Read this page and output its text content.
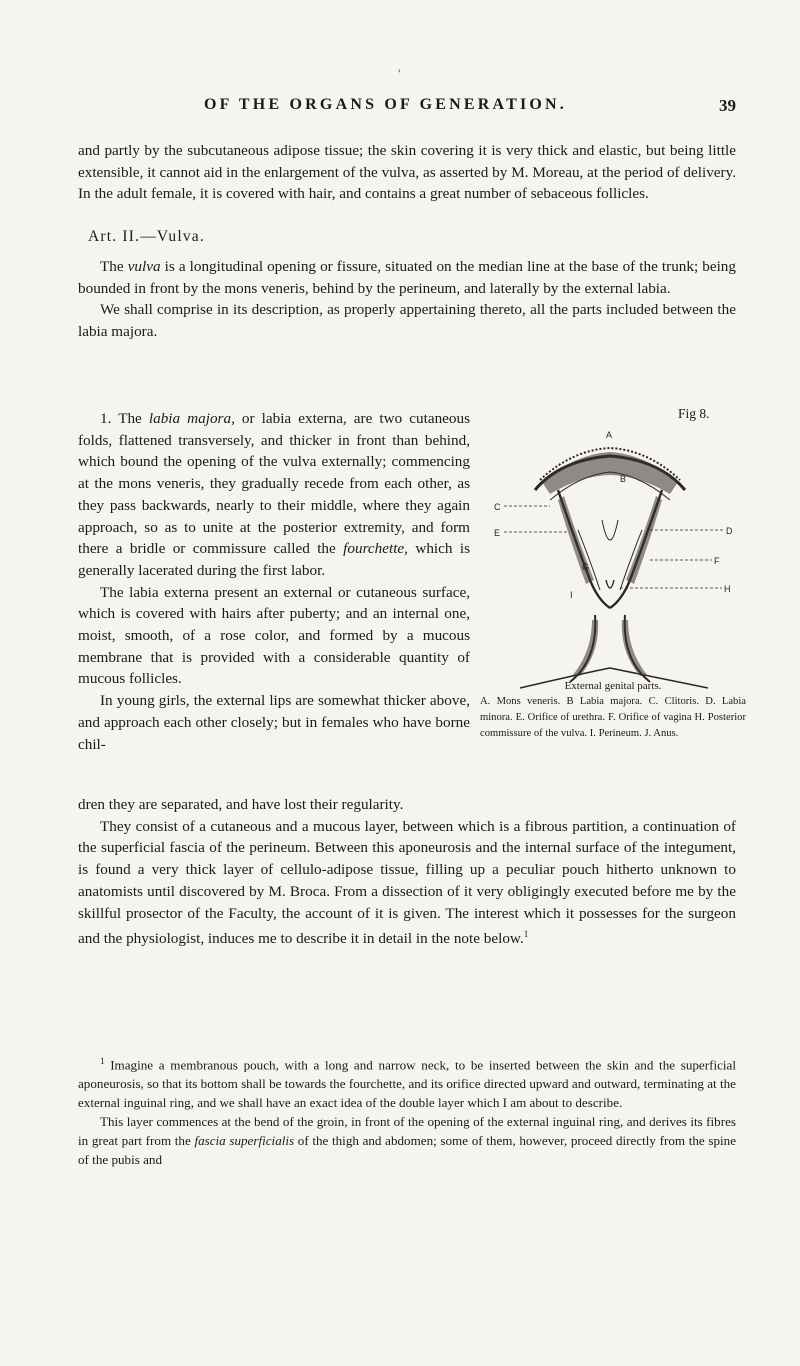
‹
OF THE ORGANS OF GENERATION.	39

and partly by the subcutaneous adipose tissue; the skin covering it is very thick and elastic, but being little extensible, it cannot aid in the enlargement of the vulva, as asserted by M. Moreau, at the period of delivery. In the adult female, it is covered with hair, and contains a great number of sebaceous follicles.

Art. II.—Vulva.

The vulva is a longitudinal opening or fissure, situated on the median line at the base of the trunk; being bounded in front by the mons veneris, behind by the perineum, and laterally by the external labia.

We shall comprise in its description, as properly appertaining thereto, all the parts included between the labia majora.

1. The labia majora, or labia externa, are two cutaneous folds, flattened transversely, and thicker in front than behind, which bound the opening of the vulva externally; commencing at the mons veneris, they gradually recede from each other, as they pass backwards, nearly to their middle, where they again approach, so as to unite at the posterior extremity, and form there a bridle or commissure called the fourchette, which is generally lacerated during the first labor.

The labia externa present an external or cutaneous surface, which is covered with hairs after puberty; and an internal one, moist, smooth, of a rose color, and formed by a mucous membrane that is provided with a considerable quantity of mucous follicles.

In young girls, the external lips are somewhat thicker above, and approach each other closely; but in females who have borne chil-

Fig 8.
A
B
C
D
E
F
G
H
I
External genital parts.
A. Mons veneris. B Labia majora. C. Clitoris. D. Labia minora. E. Orifice of urethra. F. Orifice of vagina H. Posterior commissure of the vulva. I. Perineum. J. Anus.

dren they are separated, and have lost their regularity.

They consist of a cutaneous and a mucous layer, between which is a fibrous partition, a continuation of the superficial fascia of the perineum. Between this aponeurosis and the internal surface of the integument, is found a very thick layer of cellulo-adipose tissue, filling up a peculiar pouch hitherto unknown to anatomists until discovered by M. Broca. From a dissection of it very obligingly executed before me by the skillful prosector of the Faculty, the account of it is given. The interest which it possesses for the surgeon and the physiologist, induces me to describe it in detail in the note below.$^1$

$^1$ Imagine a membranous pouch, with a long and narrow neck, to be inserted between the skin and the superficial aponeurosis, so that its bottom shall be towards the fourchette, and its orifice directed upward and outward, terminating at the external inguinal ring, and we shall have an exact idea of the double layer which I am about to describe.

This layer commences at the bend of the groin, in front of the opening of the external inguinal ring, and derives its fibres in great part from the fascia superficialis of the thigh and abdomen; some of them, however, proceed directly from the spine of the pubis and
